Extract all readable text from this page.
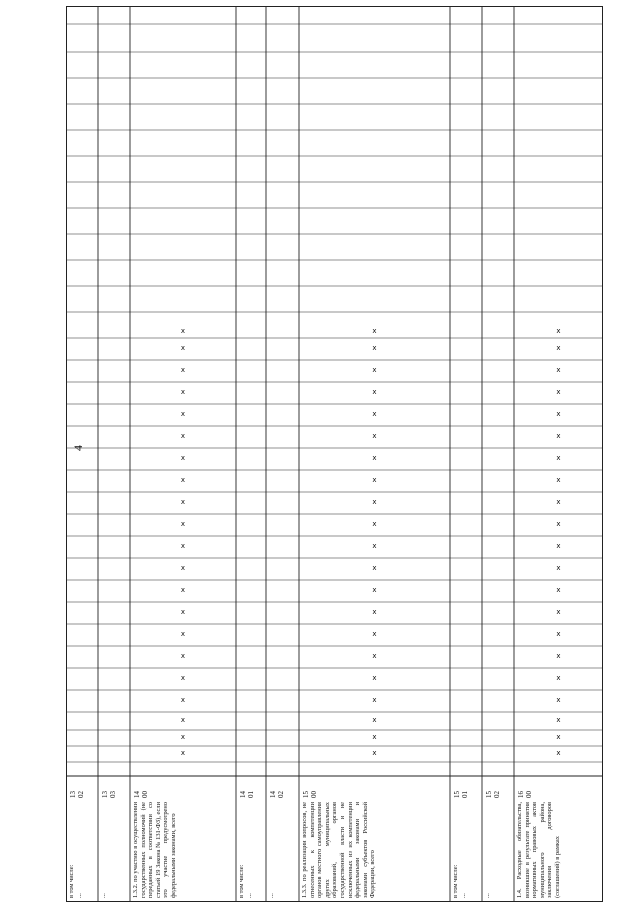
4
13
02
в том числе:
...
13
03
...
14
00
1.3.2. по участию в осуществлении государственных полномочий (не переданных в соответствии со статьей 19 Закона № 131-ФЗ), если это участие предусмотрено федеральными законами, всего
x
x
x
x
x
x
x
x
x
x
x
x
x
x
x
x
x
x
x
x
x
14
01
в том числе:
...
14
02
...
15
00
1.3.3. по реализации вопросов, не отнесенных к компетенции органов местного самоуправления других муниципальных образований, органов государственной власти и не исключенных из их компетенции федеральными законами и законами субъектов Российской Федерации, всего
x
x
x
x
x
x
x
x
x
x
x
x
x
x
x
x
x
x
x
x
x
15
01
в том числе:
...
15
02
...
16
00
1.4. Расходные обязательства, возникшие в результате принятия нормативных правовых актов муниципального района, заключения договоров (соглашений) в рамках
x
x
x
x
x
x
x
x
x
x
x
x
x
x
x
x
x
x
x
x
x
